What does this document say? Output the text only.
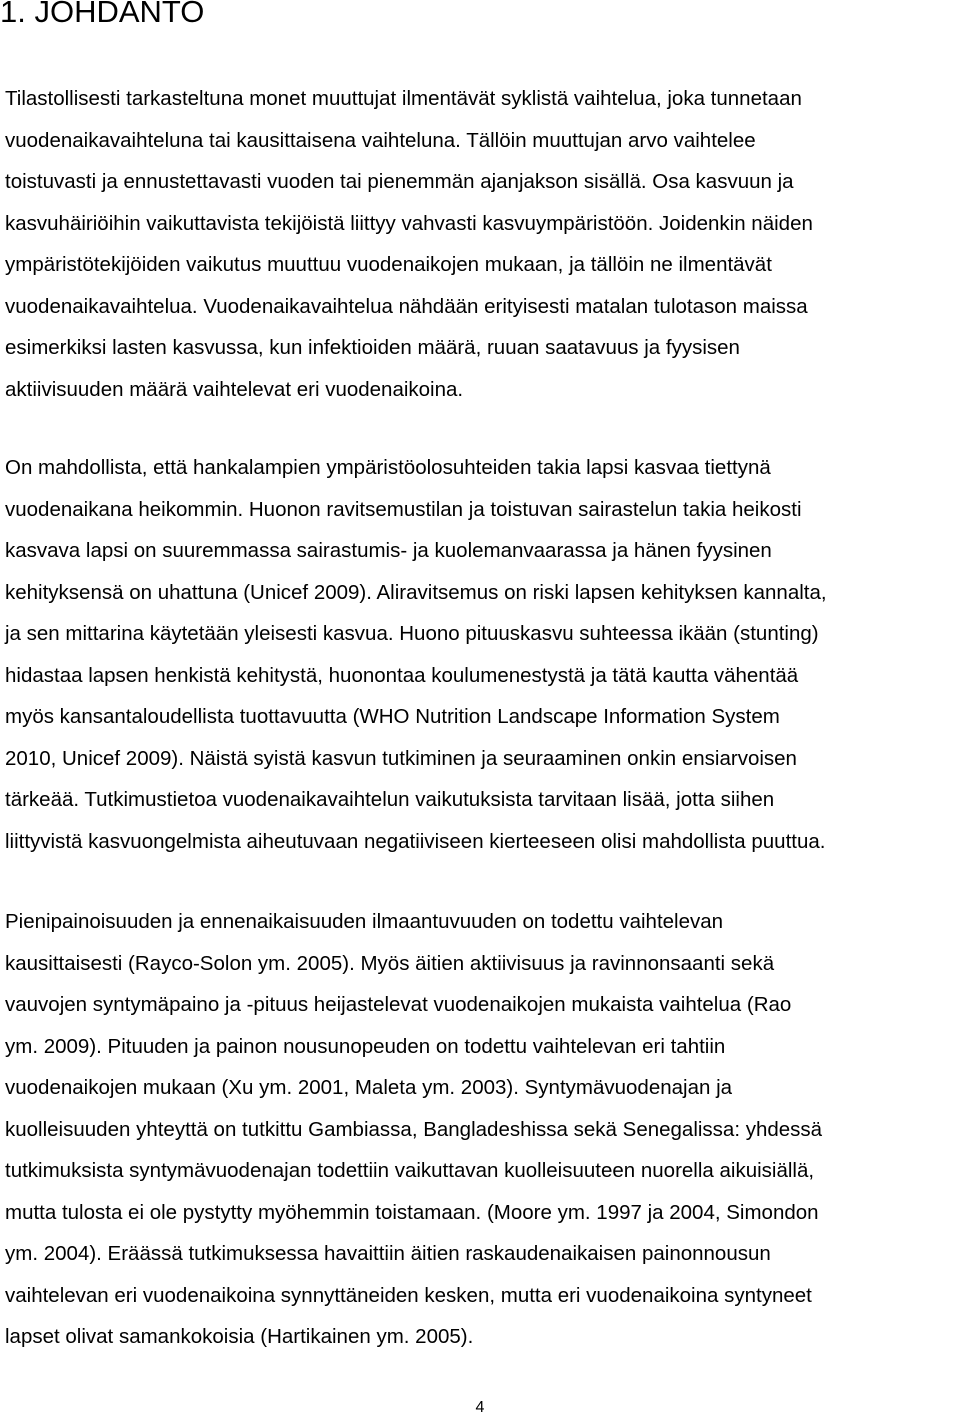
1. JOHDANTO
Tilastollisesti tarkasteltuna monet muuttujat ilmentävät syklistä vaihtelua, joka tunnetaan
vuodenaikavaihteluna tai kausittaisena vaihteluna. Tällöin muuttujan arvo vaihtelee
toistuvasti ja ennustettavasti vuoden tai pienemmän ajanjakson sisällä. Osa kasvuun ja
kasvuhäiriöihin vaikuttavista tekijöistä liittyy vahvasti kasvuympäristöön. Joidenkin näiden
ympäristötekijöiden vaikutus muuttuu vuodenaikojen mukaan, ja tällöin ne ilmentävät
vuodenaikavaihtelua. Vuodenaikavaihtelua nähdään erityisesti matalan tulotason maissa
esimerkiksi lasten kasvussa, kun infektioiden määrä, ruuan saatavuus ja fyysisen
aktiivisuuden määrä vaihtelevat eri vuodenaikoina.
On mahdollista, että hankalampien ympäristöolosuhteiden takia lapsi kasvaa tiettynä
vuodenaikana heikommin. Huonon ravitsemustilan ja toistuvan sairastelun takia heikosti
kasvava lapsi on suuremmassa sairastumis- ja kuolemanvaarassa ja hänen fyysinen
kehityksensä on uhattuna (Unicef 2009). Aliravitsemus on riski lapsen kehityksen kannalta,
ja sen mittarina käytetään yleisesti kasvua. Huono pituuskasvu suhteessa ikään (stunting)
hidastaa lapsen henkistä kehitystä, huonontaa koulumenestystä ja tätä kautta vähentää
myös kansantaloudellista tuottavuutta (WHO Nutrition Landscape Information System
2010, Unicef 2009). Näistä syistä kasvun tutkiminen ja seuraaminen onkin ensiarvoisen
tärkeää. Tutkimustietoa vuodenaikavaihtelun vaikutuksista tarvitaan lisää, jotta siihen
liittyvistä kasvuongelmista aiheutuvaan negatiiviseen kierteeseen olisi mahdollista puuttua.
Pienipainoisuuden ja ennenaikaisuuden ilmaantuvuuden on todettu vaihtelevan
kausittaisesti (Rayco-Solon ym. 2005). Myös äitien aktiivisuus ja ravinnonsaanti sekä
vauvojen syntymäpaino ja -pituus heijastelevat vuodenaikojen mukaista vaihtelua (Rao
ym. 2009). Pituuden ja painon nousunopeuden on todettu vaihtelevan eri tahtiin
vuodenaikojen mukaan (Xu ym. 2001, Maleta ym. 2003). Syntymävuodenajan ja
kuolleisuuden yhteyttä on tutkittu Gambiassa, Bangladeshissa sekä Senegalissa: yhdessä
tutkimuksista syntymävuodenajan todettiin vaikuttavan kuolleisuuteen nuorella aikuisiällä,
mutta tulosta ei ole pystytty myöhemmin toistamaan. (Moore ym. 1997 ja 2004, Simondon
ym. 2004). Eräässä tutkimuksessa havaittiin äitien raskaudenaikaisen painonnousun
vaihtelevan eri vuodenaikoina synnyttäneiden kesken, mutta eri vuodenaikoina syntyneet
lapset olivat samankokoisia (Hartikainen ym. 2005).
4
